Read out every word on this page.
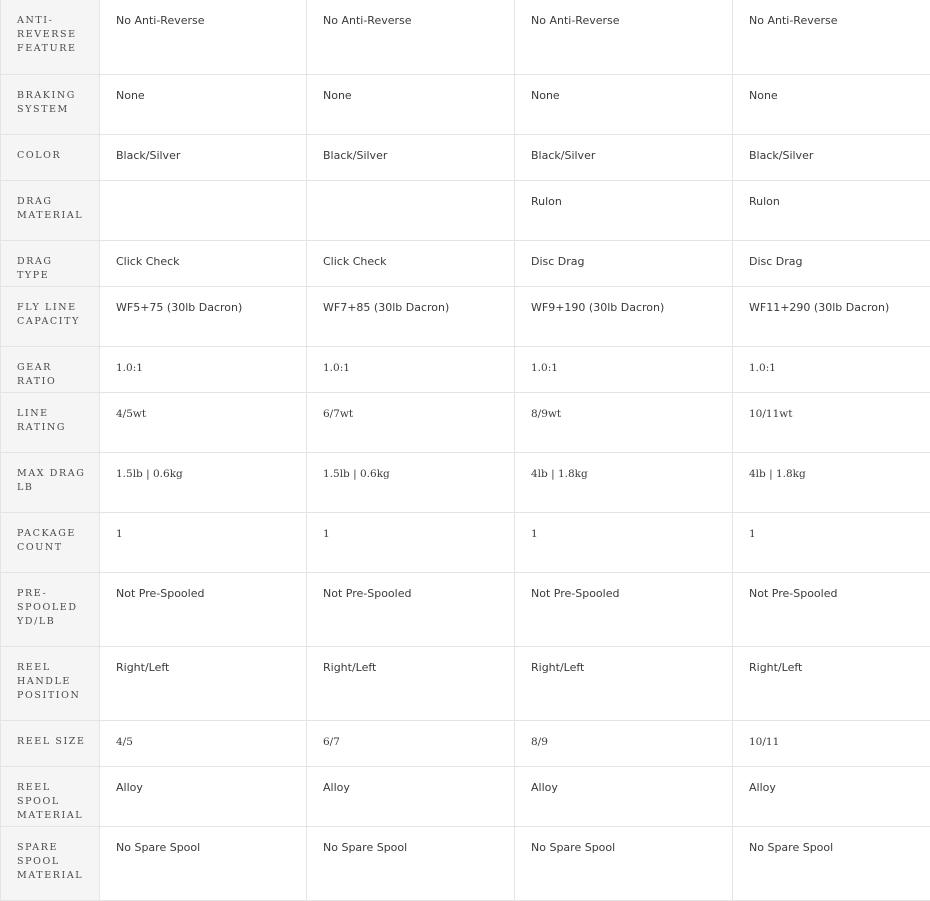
ANTI-REVERSE FEATURE	No Anti-Reverse	No Anti-Reverse	No Anti-Reverse	No Anti-Reverse

BRAKING SYSTEM	None	None	None	None

COLOR	Black/Silver	Black/Silver	Black/Silver	Black/Silver

DRAG MATERIAL			Rulon	Rulon

DRAG TYPE	Click Check	Click Check	Disc Drag	Disc Drag

FLY LINE CAPACITY	WF5+75 (30lb Dacron)	WF7+85 (30lb Dacron)	WF9+190 (30lb Dacron)	WF11+290 (30lb Dacron)

GEAR RATIO	1.0:1	1.0:1	1.0:1	1.0:1

LINE RATING	4/5wt	6/7wt	8/9wt	10/11wt

MAX DRAG LB	1.5lb | 0.6kg	1.5lb | 0.6kg	4lb | 1.8kg	4lb | 1.8kg

PACKAGE COUNT	1	1	1	1

PRE-SPOOLED YD/LB	Not Pre-Spooled	Not Pre-Spooled	Not Pre-Spooled	Not Pre-Spooled

REEL HANDLE POSITION	Right/Left	Right/Left	Right/Left	Right/Left

REEL SIZE	4/5	6/7	8/9	10/11

REEL SPOOL MATERIAL	Alloy	Alloy	Alloy	Alloy

SPARE SPOOL MATERIAL	No Spare Spool	No Spare Spool	No Spare Spool	No Spare Spool
